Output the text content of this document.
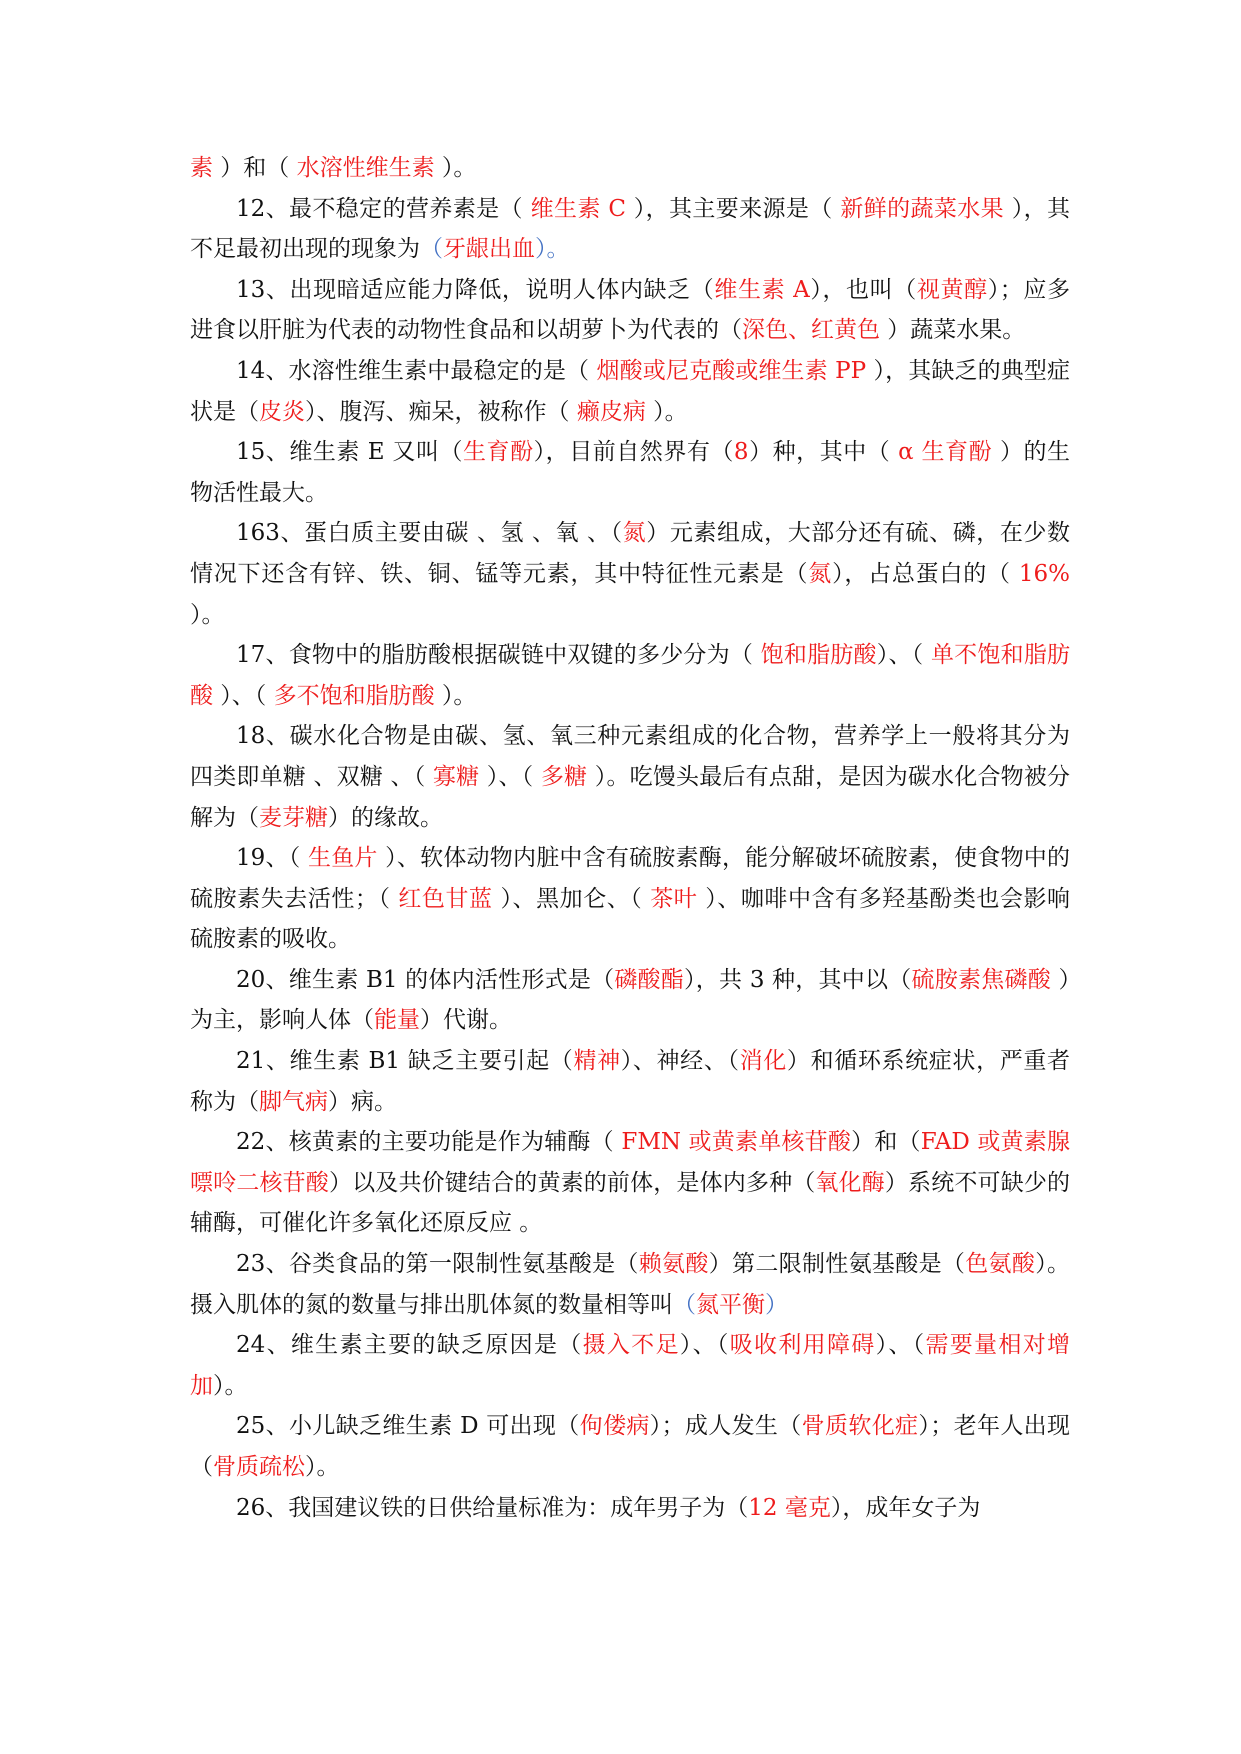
素 ）和（ 水溶性维生素 ）。

12、最不稳定的营养素是（ 维生素 C ），其主要来源是（ 新鲜的蔬菜水果 ），其不足最初出现的现象为（牙龈出血）。

13、出现暗适应能力降低，说明人体内缺乏（维生素 A），也叫（视黄醇）；应多进食以肝脏为代表的动物性食品和以胡萝卜为代表的（深色、红黄色 ）蔬菜水果。

14、水溶性维生素中最稳定的是（ 烟酸或尼克酸或维生素 PP ），其缺乏的典型症状是（皮炎）、腹泻、痴呆，被称作（ 癞皮病 ）。

15、维生素 E 又叫（生育酚），目前自然界有（8）种，其中（ α 生育酚 ）的生物活性最大。

163、蛋白质主要由碳 、氢 、氧 、（氮）元素组成，大部分还有硫、磷，在少数情况下还含有锌、铁、铜、锰等元素，其中特征性元素是（氮），占总蛋白的（ 16% ）。

17、食物中的脂肪酸根据碳链中双键的多少分为（ 饱和脂肪酸）、（ 单不饱和脂肪酸 ）、（ 多不饱和脂肪酸 ）。

18、碳水化合物是由碳、氢、氧三种元素组成的化合物，营养学上一般将其分为四类即单糖 、双糖 、（ 寡糖 ）、（ 多糖 ）。吃馒头最后有点甜，是因为碳水化合物被分解为（麦芽糖）的缘故。

19、（ 生鱼片 ）、软体动物内脏中含有硫胺素酶，能分解破坏硫胺素，使食物中的硫胺素失去活性；（ 红色甘蓝 ）、黑加仑、（ 茶叶 ）、咖啡中含有多羟基酚类也会影响硫胺素的吸收。

20、维生素 B1 的体内活性形式是（磷酸酯），共 3 种，其中以（硫胺素焦磷酸 ）为主，影响人体（能量）代谢。

21、维生素 B1 缺乏主要引起（精神）、神经、（消化）和循环系统症状，严重者称为（脚气病）病。

22、核黄素的主要功能是作为辅酶（ FMN 或黄素单核苷酸）和（FAD 或黄素腺嘌呤二核苷酸）以及共价键结合的黄素的前体，是体内多种（氧化酶）系统不可缺少的辅酶，可催化许多氧化还原反应 。

23、谷类食品的第一限制性氨基酸是（赖氨酸）第二限制性氨基酸是（色氨酸）。摄入肌体的氮的数量与排出肌体氮的数量相等叫（氮平衡）

24、维生素主要的缺乏原因是（摄入不足）、（吸收利用障碍）、（需要量相对增加）。

25、小儿缺乏维生素 D 可出现（佝偻病）；成人发生（骨质软化症）；老年人出现（骨质疏松）。

26、我国建议铁的日供给量标准为：成年男子为（12 毫克），成年女子为
